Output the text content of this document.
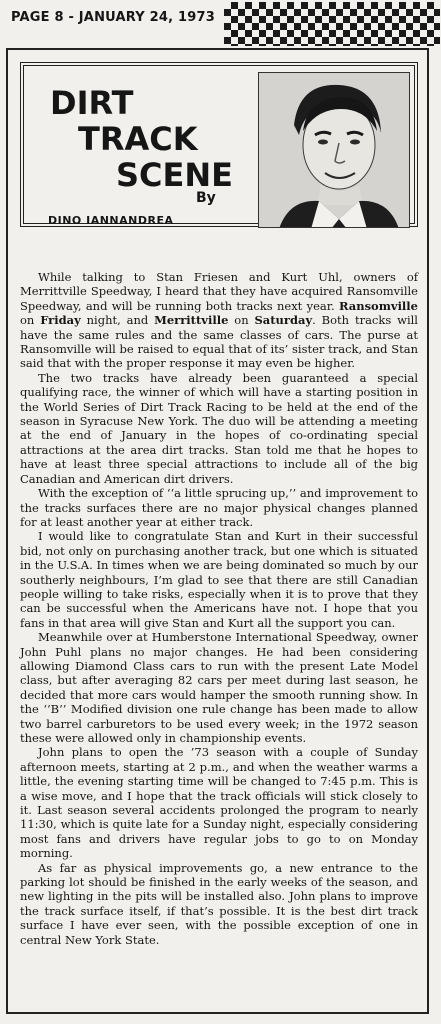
PAGE 8 - JANUARY 24, 1973
DIRT
TRACK
SCENE
By
DINO IANNANDREA

While talking to Stan Friesen and Kurt Uhl, owners of Merrittville Speedway, I heard that they have acquired Ransomville Speedway, and will be running both tracks next year. Ransomville on Friday night, and Merrittville on Saturday. Both tracks will have the same rules and the same classes of cars. The purse at Ransomville will be raised to equal that of its’ sister track, and Stan said that with the proper response it may even be higher.

The two tracks have already been guaranteed a special qualifying race, the winner of which will have a starting position in the World Series of Dirt Track Racing to be held at the end of the season in Syracuse New York. The duo will be attending a meeting at the end of January in the hopes of co-ordinating special attractions at the area dirt tracks. Stan told me that he hopes to have at least three special attractions to include all of the big Canadian and American dirt drivers.

With the exception of ‘‘a little sprucing up,’’ and improvement to the tracks surfaces there are no major physical changes planned for at least another year at either track.

I would like to congratulate Stan and Kurt in their successful bid, not only on purchasing another track, but one which is situated in the U.S.A. In times when we are being dominated so much by our southerly neighbours, I’m glad to see that there are still Canadian people willing to take risks, especially when it is to prove that they can be successful when the Americans have not. I hope that you fans in that area will give Stan and Kurt all the support you can.

Meanwhile over at Humberstone International Speedway, owner John Puhl plans no major changes. He had been considering allowing Diamond Class cars to run with the present Late Model class, but after averaging 82 cars per meet during last season, he decided that more cars would hamper the smooth running show. In the ‘‘B’’ Modified division one rule change has been made to allow two barrel carburetors to be used every week; in the 1972 season these were allowed only in championship events.

John plans to open the ’73 season with a couple of Sunday afternoon meets, starting at 2 p.m., and when the weather warms a little, the evening starting time will be changed to 7:45 p.m. This is a wise move, and I hope that the track officials will stick closely to it. Last season several accidents prolonged the program to nearly 11:30, which is quite late for a Sunday night, especially considering most fans and drivers have regular jobs to go to on Monday morning.

As far as physical improvements go, a new entrance to the parking lot should be finished in the early weeks of the season, and new lighting in the pits will be installed also. John plans to improve the track surface itself, if that’s possible. It is the best dirt track surface I have ever seen, with the possible exception of one in central New York State.
